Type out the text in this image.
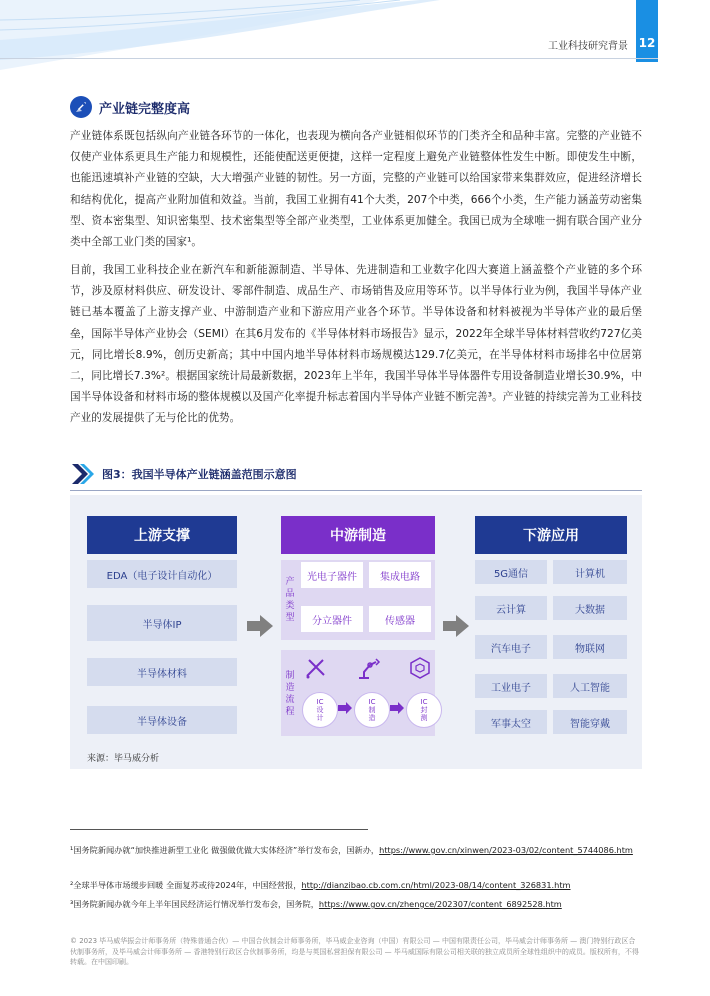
工业科技研究背景 12
产业链完整度高
产业链体系既包括纵向产业链各环节的一体化，也表现为横向各产业链相似环节的门类齐全和品种丰富。完整的产业链不仅使产业体系更具生产能力和规模性，还能使配送更便捷，这样一定程度上避免产业链整体性发生中断。即使发生中断，也能迅速填补产业链的空缺，大大增强产业链的韧性。另一方面，完整的产业链可以给国家带来集群效应，促进经济增长和结构优化，提高产业附加值和效益。当前，我国工业拥有41个大类，207个中类，666个小类，生产能力涵盖劳动密集型、资本密集型、知识密集型、技术密集型等全部产业类型，工业体系更加健全。我国已成为全球唯一拥有联合国产业分类中全部工业门类的国家¹。
目前，我国工业科技企业在新汽车和新能源制造、半导体、先进制造和工业数字化四大赛道上涵盖整个产业链的多个环节，涉及原材料供应、研发设计、零部件制造、成品生产、市场销售及应用等环节。以半导体行业为例，我国半导体产业链已基本覆盖了上游支撑产业、中游制造产业和下游应用产业各个环节。半导体设备和材料被视为半导体产业的最后堡垒，国际半导体产业协会（SEMI）在其6月发布的《半导体材料市场报告》显示，2022年全球半导体材料营收约727亿美元，同比增长8.9%，创历史新高；其中中国内地半导体材料市场规模达129.7亿美元，在半导体材料市场排名中位居第二，同比增长7.3%²。根据国家统计局最新数据，2023年上半年，我国半导体半导体器件专用设备制造业增长30.9%，中国半导体设备和材料市场的整体规模以及国产化率提升标志着国内半导体产业链不断完善³。产业链的持续完善为工业科技产业的发展提供了无与伦比的优势。
图3：我国半导体产业链涵盖范围示意图
上游支撑
EDA（电子设计自动化）
半导体IP
半导体材料
半导体设备
中游制造
产品类型
光电子器件	集成电路
分立器件	传感器
制造流程
IC设计
IC制造
IC封测
下游应用
5G通信	计算机
云计算	大数据
汽车电子	物联网
工业电子	人工智能
军事太空	智能穿戴
来源：毕马威分析
¹国务院新闻办就“加快推进新型工业化 做强做优做大实体经济”举行发布会，国新办，https://www.gov.cn/xinwen/2023-03/02/content_5744086.htm
²全球半导体市场缓步回暖 全面复苏或待2024年，中国经营报，http://dianzibao.cb.com.cn/html/2023-08/14/content_326831.htm
³国务院新闻办就今年上半年国民经济运行情况举行发布会，国务院，https://www.gov.cn/zhengce/202307/content_6892528.htm
© 2023 毕马威华振会计师事务所（特殊普通合伙）— 中国合伙制会计师事务所，毕马威企业咨询（中国）有限公司 — 中国有限责任公司，毕马威会计师事务所 — 澳门特别行政区合伙制事务所，及毕马威会计师事务所 — 香港特别行政区合伙制事务所，均是与英国私营担保有限公司 — 毕马威国际有限公司相关联的独立成员所全球性组织中的成员。版权所有，不得转载。在中国印刷。
